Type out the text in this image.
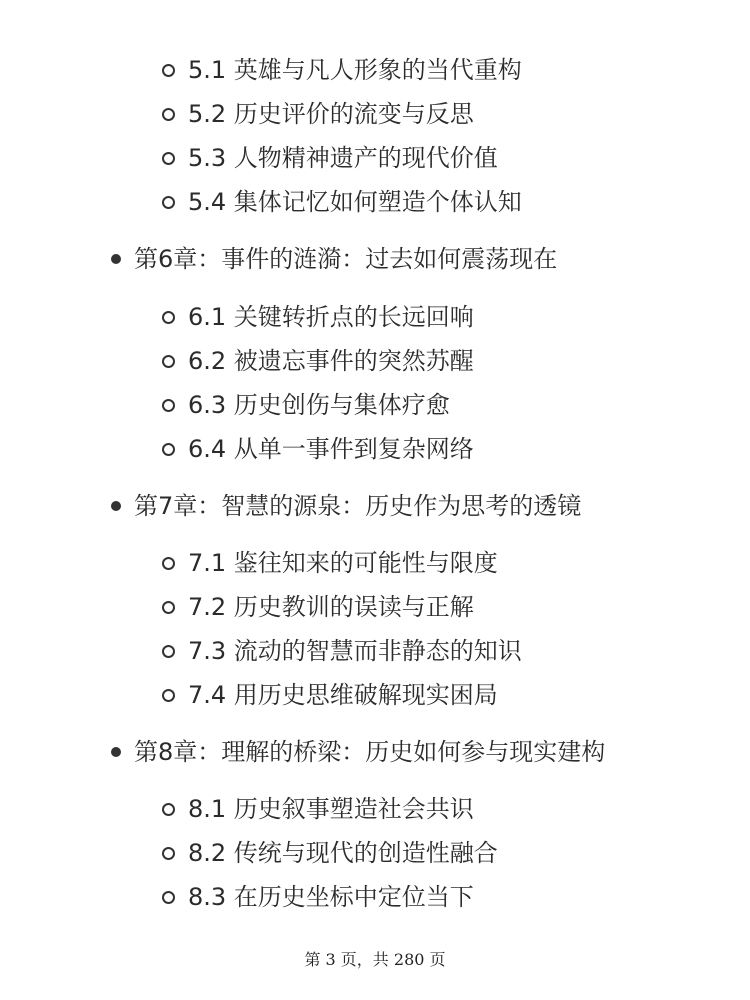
5.1 英雄与凡人形象的当代重构
5.2 历史评价的流变与反思
5.3 人物精神遗产的现代价值
5.4 集体记忆如何塑造个体认知
第6章：事件的涟漪：过去如何震荡现在
6.1 关键转折点的长远回响
6.2 被遗忘事件的突然苏醒
6.3 历史创伤与集体疗愈
6.4 从单一事件到复杂网络
第7章：智慧的源泉：历史作为思考的透镜
7.1 鉴往知来的可能性与限度
7.2 历史教训的误读与正解
7.3 流动的智慧而非静态的知识
7.4 用历史思维破解现实困局
第8章：理解的桥梁：历史如何参与现实建构
8.1 历史叙事塑造社会共识
8.2 传统与现代的创造性融合
8.3 在历史坐标中定位当下
第 3 页，共 280 页
